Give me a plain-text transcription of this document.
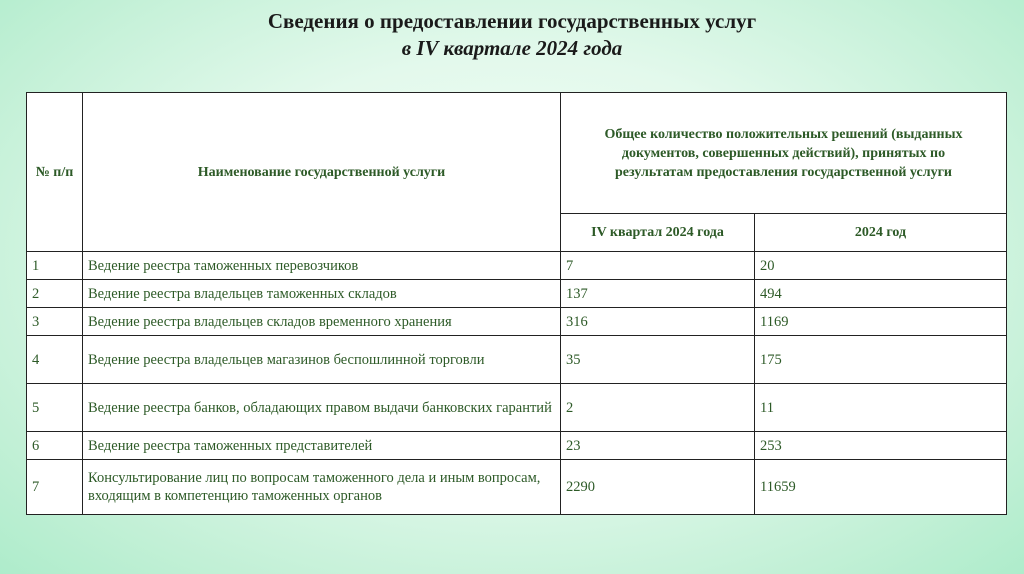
Сведения о предоставлении государственных услуг
в IV квартале 2024 года
№ п/п	Наименование государственной услуги	Общее количество положительных решений (выданных документов, совершенных действий), принятых по результатам предоставления государственной услуги	
		IV квартал 2024 года	2024 год
1	Ведение реестра таможенных перевозчиков	7	20
2	Ведение реестра владельцев таможенных складов	137	494
3	Ведение реестра владельцев складов временного хранения	316	1169
4	Ведение реестра владельцев магазинов беспошлинной торговли	35	175
5	Ведение реестра банков, обладающих правом выдачи банковских гарантий	2	11
6	Ведение реестра таможенных представителей	23	253
7	Консультирование лиц по вопросам таможенного дела и иным вопросам, входящим в компетенцию таможенных органов	2290	11659
